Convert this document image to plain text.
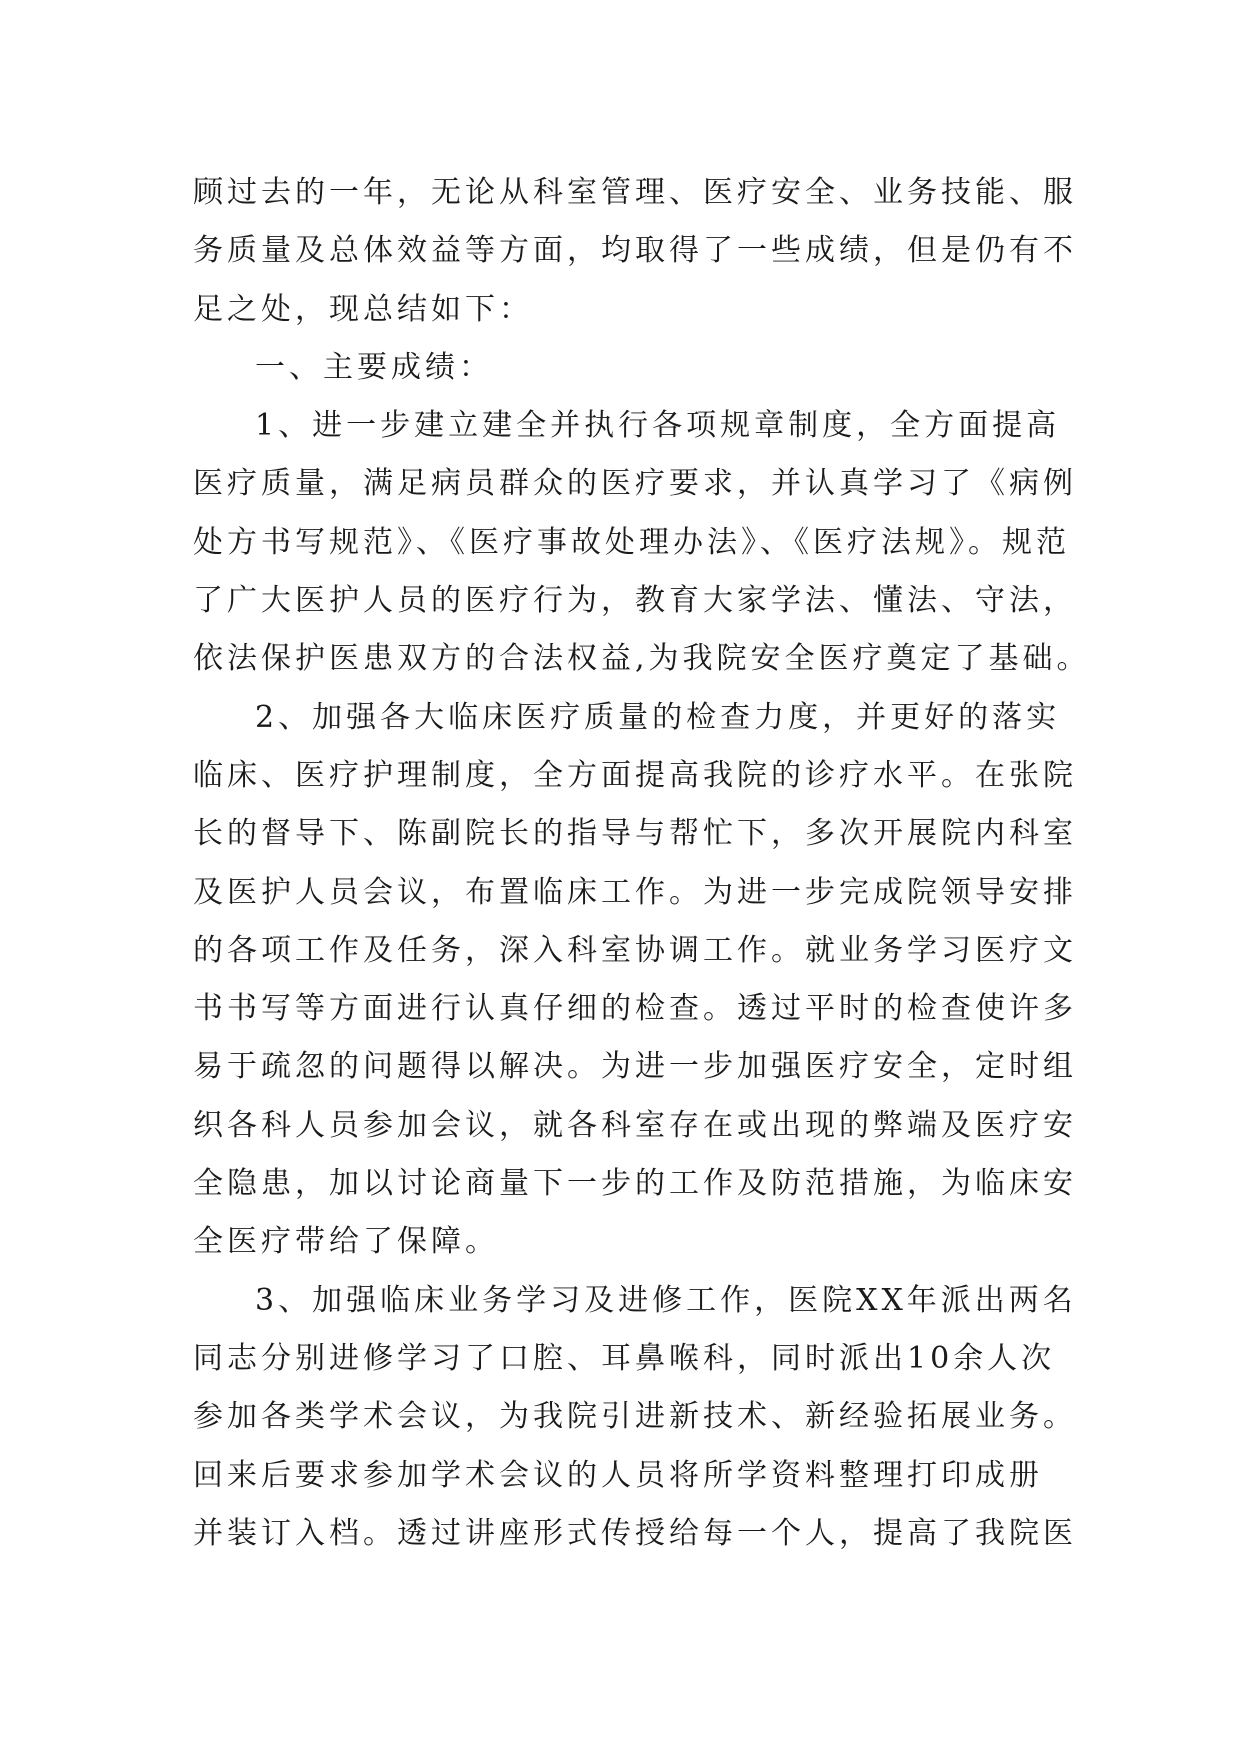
顾过去的一年，无论从科室管理、医疗安全、业务技能、服
务质量及总体效益等方面，均取得了一些成绩，但是仍有不
足之处，现总结如下：
一、主要成绩：
1、进一步建立建全并执行各项规章制度，全方面提高
医疗质量，满足病员群众的医疗要求，并认真学习了《病例
处方书写规范》、《医疗事故处理办法》、《医疗法规》。规范
了广大医护人员的医疗行为，教育大家学法、懂法、守法，
依法保护医患双方的合法权益,为我院安全医疗奠定了基础。
2、加强各大临床医疗质量的检查力度，并更好的落实
临床、医疗护理制度，全方面提高我院的诊疗水平。在张院
长的督导下、陈副院长的指导与帮忙下，多次开展院内科室
及医护人员会议，布置临床工作。为进一步完成院领导安排
的各项工作及任务，深入科室协调工作。就业务学习医疗文
书书写等方面进行认真仔细的检查。透过平时的检查使许多
易于疏忽的问题得以解决。为进一步加强医疗安全，定时组
织各科人员参加会议，就各科室存在或出现的弊端及医疗安
全隐患，加以讨论商量下一步的工作及防范措施，为临床安
全医疗带给了保障。
3、加强临床业务学习及进修工作，医院XX年派出两名
同志分别进修学习了口腔、耳鼻喉科，同时派出10余人次
参加各类学术会议，为我院引进新技术、新经验拓展业务。
回来后要求参加学术会议的人员将所学资料整理打印成册
并装订入档。透过讲座形式传授给每一个人，提高了我院医
